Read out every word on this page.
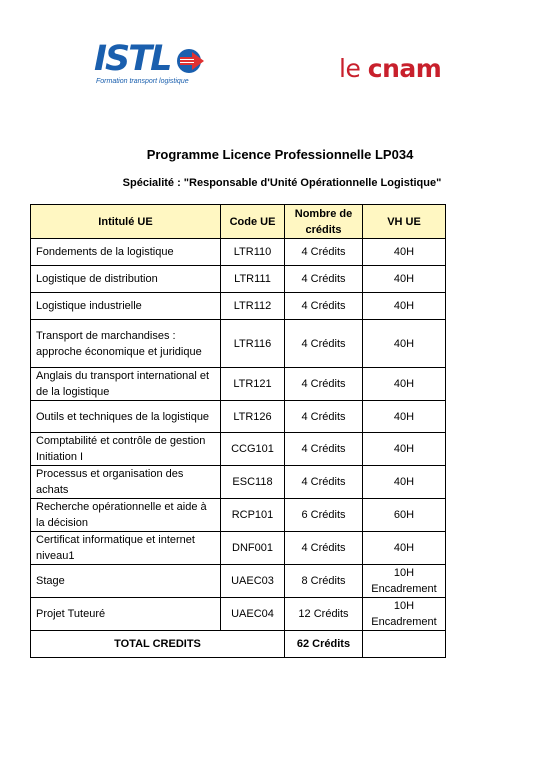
ISTL
Formation transport logistique	le cnam
Programme Licence Professionnelle LP034
Spécialité : "Responsable d'Unité Opérationnelle Logistique"
Intitulé UE	Code UE	Nombre de crédits	VH UE
Fondements de la logistique	LTR110	4 Crédits	40H
Logistique de distribution	LTR111	4 Crédits	40H
Logistique industrielle	LTR112	4 Crédits	40H
Transport de marchandises : approche économique et juridique	LTR116	4 Crédits	40H
Anglais du transport international et de la logistique	LTR121	4 Crédits	40H
Outils et techniques de la logistique	LTR126	4 Crédits	40H
Comptabilité et contrôle de gestion Initiation I	CCG101	4 Crédits	40H
Processus et organisation des achats	ESC118	4 Crédits	40H
Recherche opérationnelle et aide à la décision	RCP101	6 Crédits	60H
Certificat informatique et internet niveau1	DNF001	4 Crédits	40H
Stage	UAEC03	8 Crédits	10H Encadrement
Projet Tuteuré	UAEC04	12 Crédits	10H Encadrement
TOTAL CREDITS		62 Crédits	
